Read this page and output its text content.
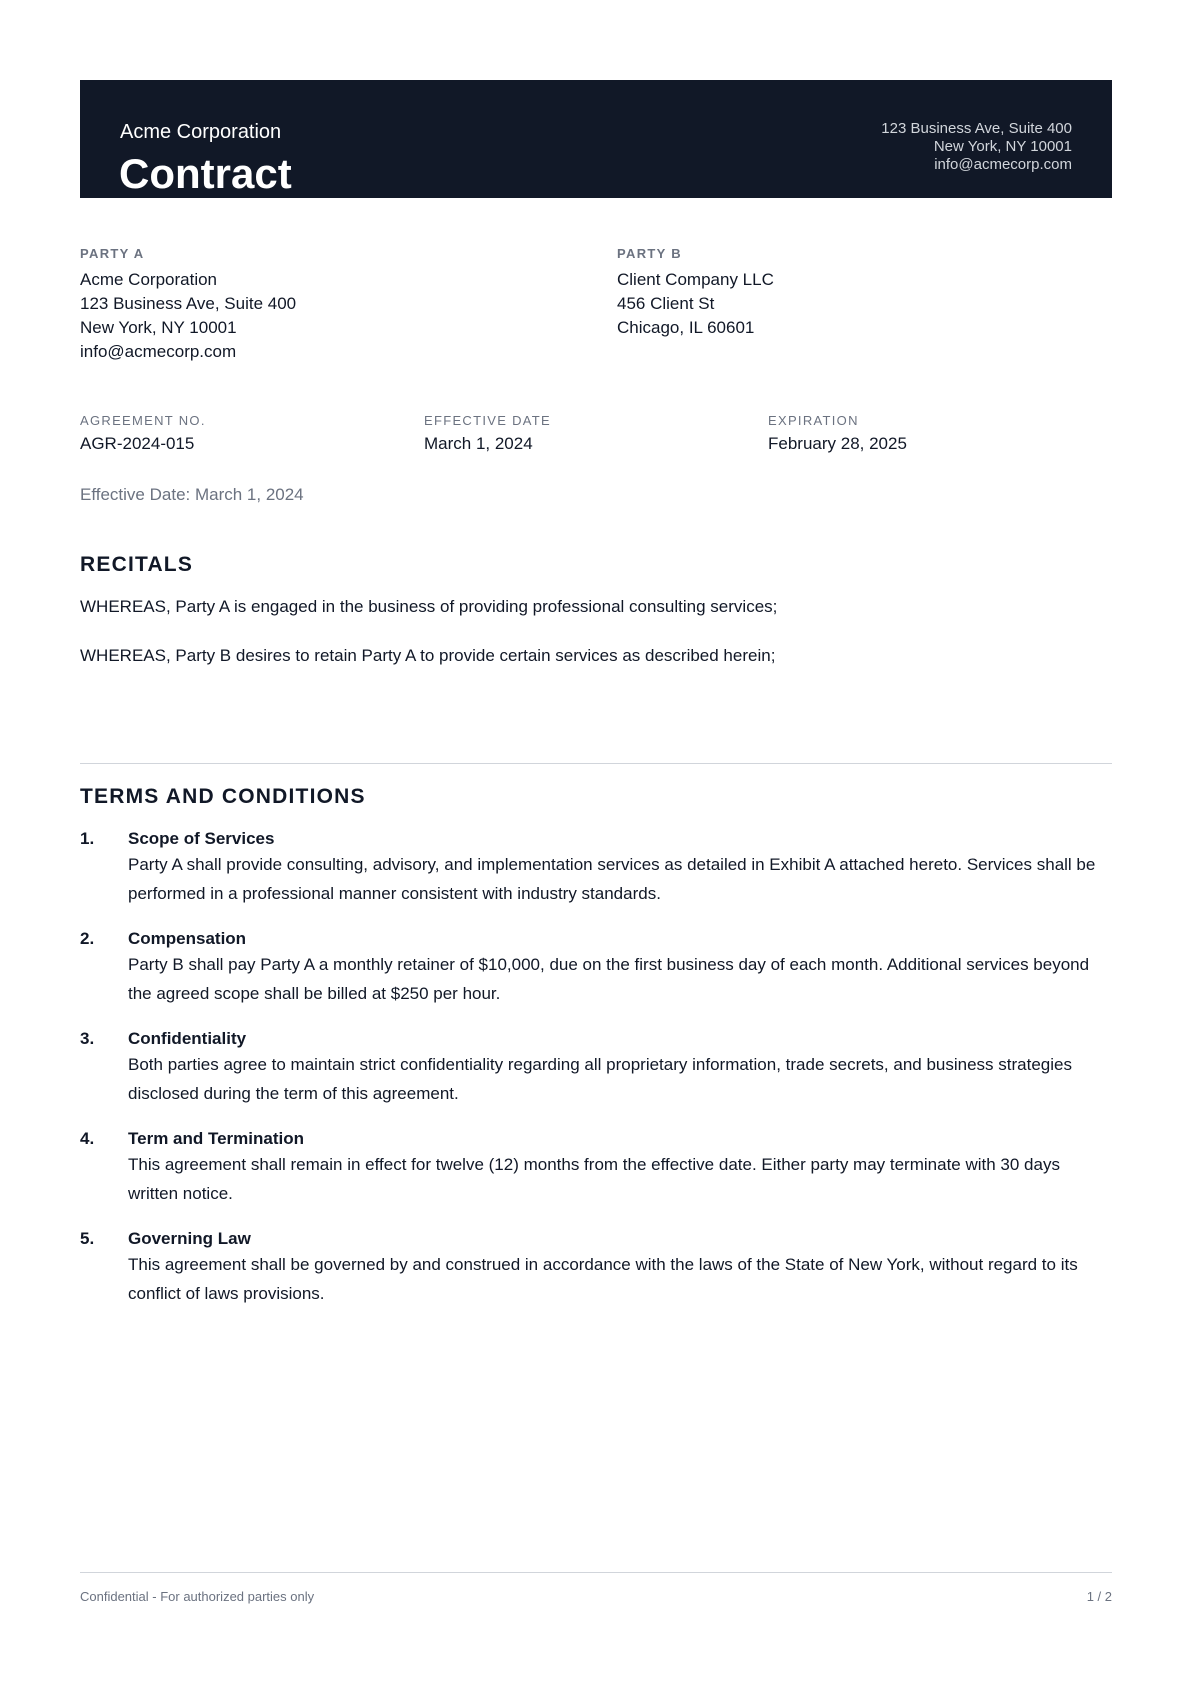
Acme Corporation
Contract
123 Business Ave, Suite 400
New York, NY 10001
info@acmecorp.com
PARTY A
Acme Corporation
123 Business Ave, Suite 400
New York, NY 10001
info@acmecorp.com
PARTY B
Client Company LLC
456 Client St
Chicago, IL 60601
AGREEMENT NO.
AGR-2024-015
EFFECTIVE DATE
March 1, 2024
EXPIRATION
February 28, 2025
Effective Date: March 1, 2024
RECITALS
WHEREAS, Party A is engaged in the business of providing professional consulting services;
WHEREAS, Party B desires to retain Party A to provide certain services as described herein;
TERMS AND CONDITIONS
1. Scope of Services
Party A shall provide consulting, advisory, and implementation services as detailed in Exhibit A attached hereto. Services shall be performed in a professional manner consistent with industry standards.
2. Compensation
Party B shall pay Party A a monthly retainer of $10,000, due on the first business day of each month. Additional services beyond the agreed scope shall be billed at $250 per hour.
3. Confidentiality
Both parties agree to maintain strict confidentiality regarding all proprietary information, trade secrets, and business strategies disclosed during the term of this agreement.
4. Term and Termination
This agreement shall remain in effect for twelve (12) months from the effective date. Either party may terminate with 30 days written notice.
5. Governing Law
This agreement shall be governed by and construed in accordance with the laws of the State of New York, without regard to its conflict of laws provisions.
Confidential - For authorized parties only	1 / 2
